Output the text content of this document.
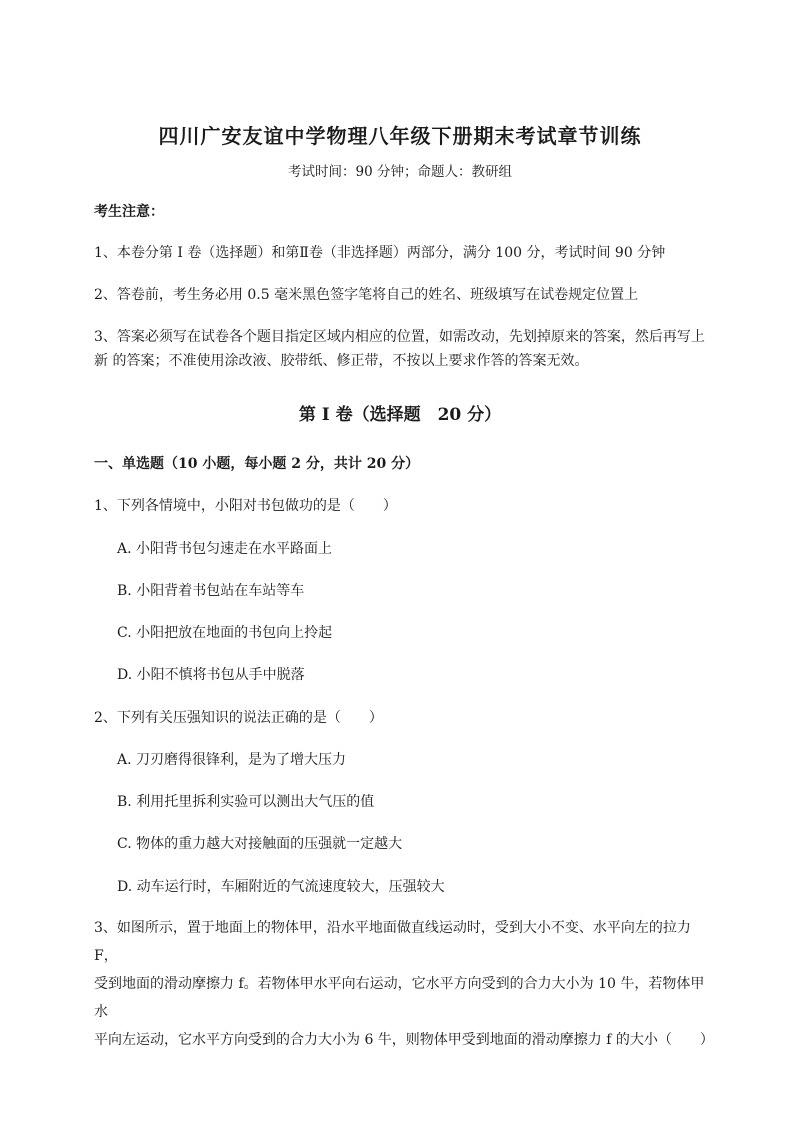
四川广安友谊中学物理八年级下册期末考试章节训练
考试时间：90 分钟；命题人：教研组
考生注意：
1、本卷分第 I 卷（选择题）和第Ⅱ卷（非选择题）两部分，满分 100 分，考试时间 90 分钟
2、答卷前，考生务必用 0.5 毫米黑色签字笔将自己的姓名、班级填写在试卷规定位置上
3、答案必须写在试卷各个题目指定区域内相应的位置，如需改动，先划掉原来的答案，然后再写上新 的答案；不准使用涂改液、胶带纸、修正带，不按以上要求作答的答案无效。
第 I 卷（选择题　20 分）
一、单选题（10 小题，每小题 2 分，共计 20 分）
1、下列各情境中，小阳对书包做功的是（　　）
A. 小阳背书包匀速走在水平路面上
B. 小阳背着书包站在车站等车
C. 小阳把放在地面的书包向上拎起
D. 小阳不慎将书包从手中脱落
2、下列有关压强知识的说法正确的是（　　）
A. 刀刃磨得很锋利，是为了增大压力
B. 利用托里拆利实验可以测出大气压的值
C. 物体的重力越大对接触面的压强就一定越大
D. 动车运行时，车厢附近的气流速度较大，压强较大
3、如图所示，置于地面上的物体甲，沿水平地面做直线运动时，受到大小不变、水平向左的拉力 F，
受到地面的滑动摩擦力 f。若物体甲水平向右运动，它水平方向受到的合力大小为 10 牛，若物体甲水
平向左运动，它水平方向受到的合力大小为 6 牛，则物体甲受到地面的滑动摩擦力 f 的大小（　　）
